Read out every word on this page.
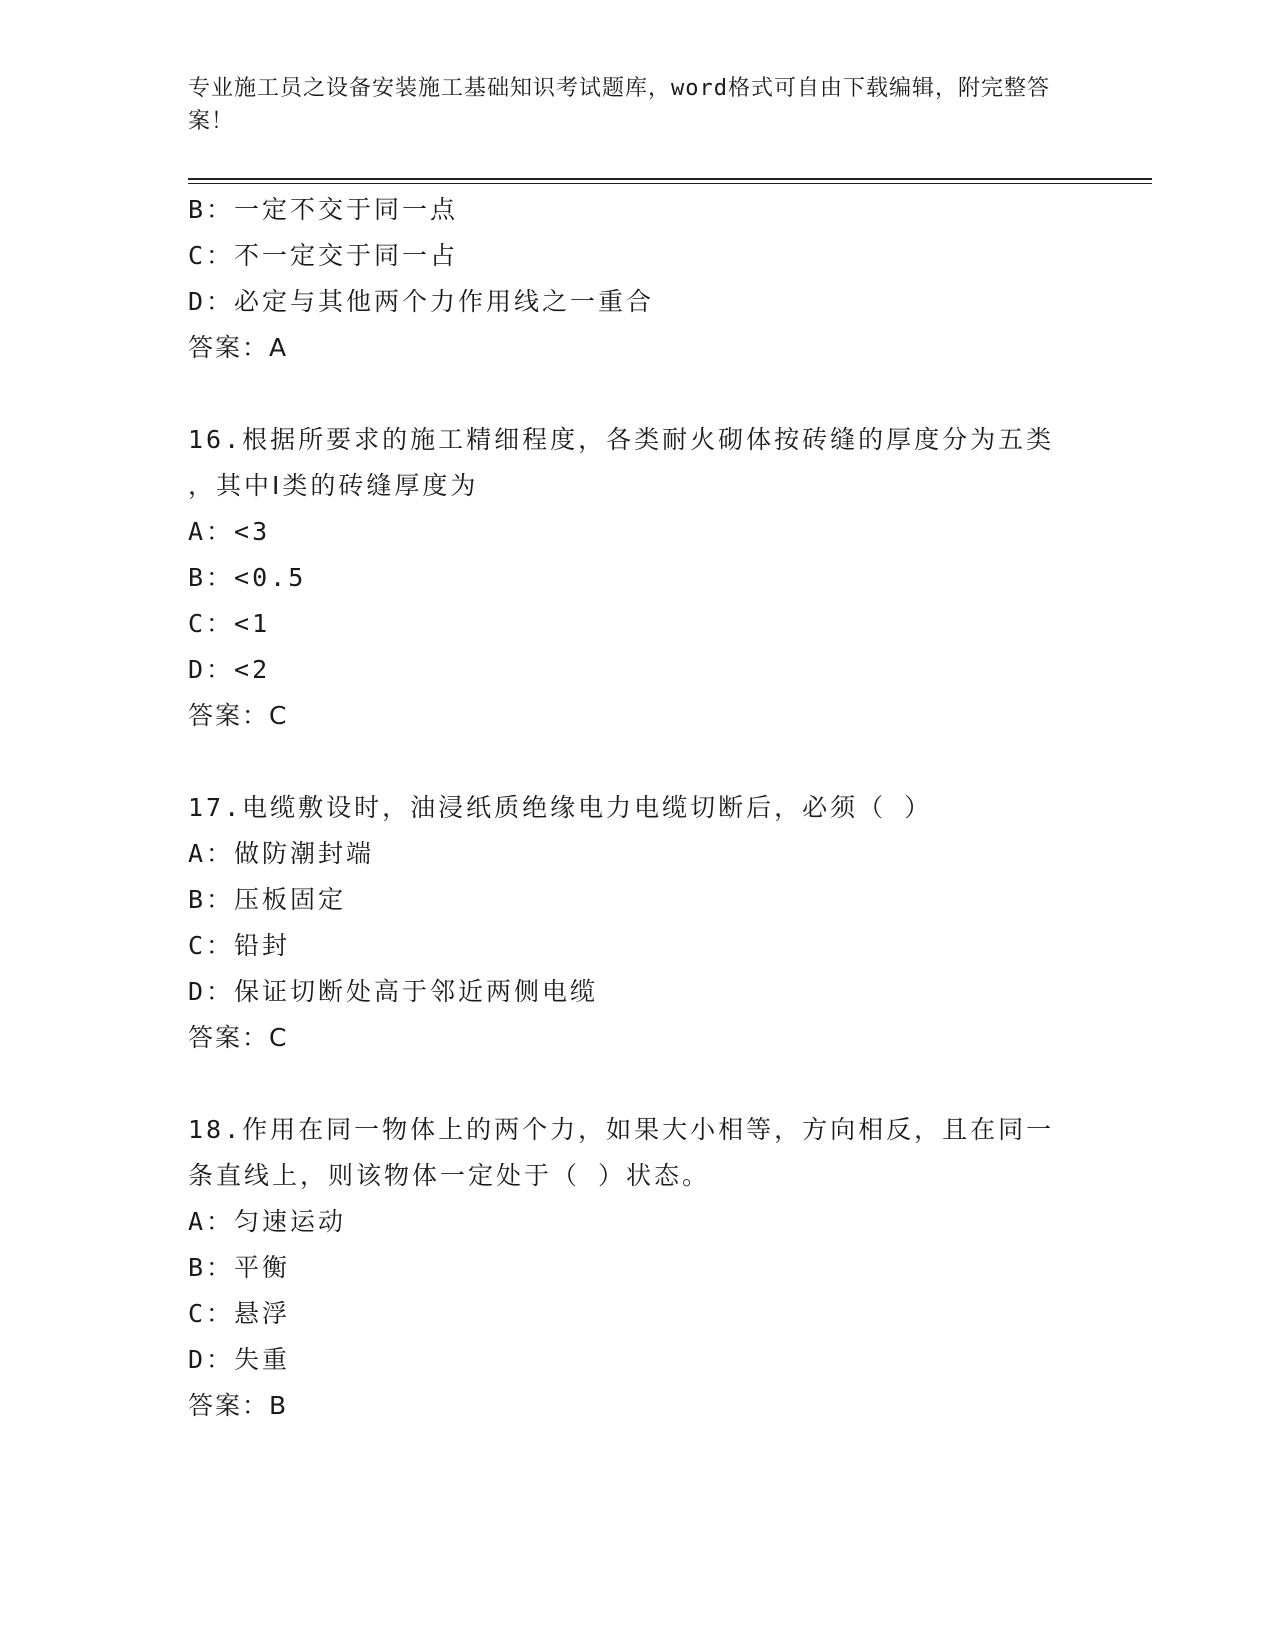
专业施工员之设备安装施工基础知识考试题库，word格式可自由下载编辑，附完整答案！
B：一定不交于同一点
C：不一定交于同一占
D：必定与其他两个力作用线之一重合
答案：A
16.根据所要求的施工精细程度，各类耐火砌体按砖缝的厚度分为五类
，其中Ⅰ类的砖缝厚度为
A：<3
B：<0.5
C：<1
D：<2
答案：C
17.电缆敷设时，油浸纸质绝缘电力电缆切断后，必须（ ）
A：做防潮封端
B：压板固定
C：铅封
D：保证切断处高于邻近两侧电缆
答案：C
18.作用在同一物体上的两个力，如果大小相等，方向相反，且在同一
条直线上，则该物体一定处于（ ）状态。
A：匀速运动
B：平衡
C：悬浮
D：失重
答案：B
